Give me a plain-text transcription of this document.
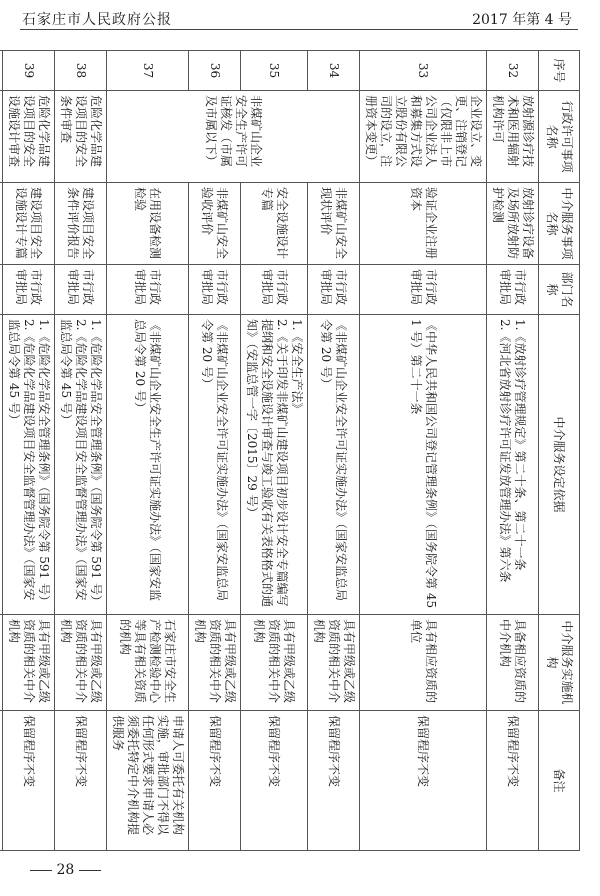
石家庄市人民政府公报	2017 年第 4 号
序号	行政许可事项名称	中介服务事项名称	部门名称	中介服务设定依据	中介服务实施机构	备注
32	放射源诊疗技术和医用辐射机构许可	放射诊疗设备及场所放射防护检测	市行政审批局	1.《放射诊疗管理规定》第二十条、第二十一条
2.《河北省放射诊疗许可证发放管理办法》第六条	具备相应资质的中介机构	保留程序不变
33	企业设立、变更、注销登记（仅限非上市公司企业法人和募集方式设立股份有限公司的设立，注册资本变更）	验证企业注册资本	市行政审批局	《中华人民共和国公司登记管理条例》（国务院令第 451 号）第二十一条	具有相应资质的单位	保留程序不变
34	非煤矿山企业安全生产许可证核发（市属及市属以下）	非煤矿山安全现状评价	市行政审批局	《非煤矿山企业安全许可证实施办法》（国家安监总局令第 20 号）	具有甲级或乙级资质的相关中介机构	保留程序不变
35		安全设施设计专篇	市行政审批局	1.《安全生产法》
2.《关于印发非煤矿山建设项目初步设计安全专篇编写提纲和安全设施设计审查与竣工验收有关表格格式的通知》（安监总管一字〔2015〕29 号）	具有甲级或乙级资质的相关中介机构	保留程序不变
36		非煤矿山安全验收评价	市行政审批局	《非煤矿山企业安全许可证实施办法》（国家安监总局令第 20 号）	具有甲级或乙级资质的相关中介机构	保留程序不变
37		在用设备检测检验	市行政审批局	《非煤矿山企业安全生产许可证实施办法》（国家安监总局令第 20 号）	石家庄市安全生产检测检验中心等具有相关资质的机构	申请人可委托有关机构实施，审批部门不得以任何形式要求申请人必须委托特定中介机构提供服务
38	危险化学品建设项目的安全条件审查	建设项目安全条件评价报告	市行政审批局	1.《危险化学品安全管理条例》（国务院令第 591 号）
2.《危险化学品建设项目安全监督管理办法》（国家安监总局令第 45 号）	具有甲级或乙级资质的相关中介机构	保留程序不变
39	危险化学品建设项目的安全设施设计审查	建设项目安全设施设计专篇	市行政审批局	1.《危险化学品安全管理条例》（国务院令第 591 号）
2.《危险化学品建设项目安全监督管理办法》（国家安监总局令第 45 号）	具有甲级或乙级资质的相关中介机构	保留程序不变

28
